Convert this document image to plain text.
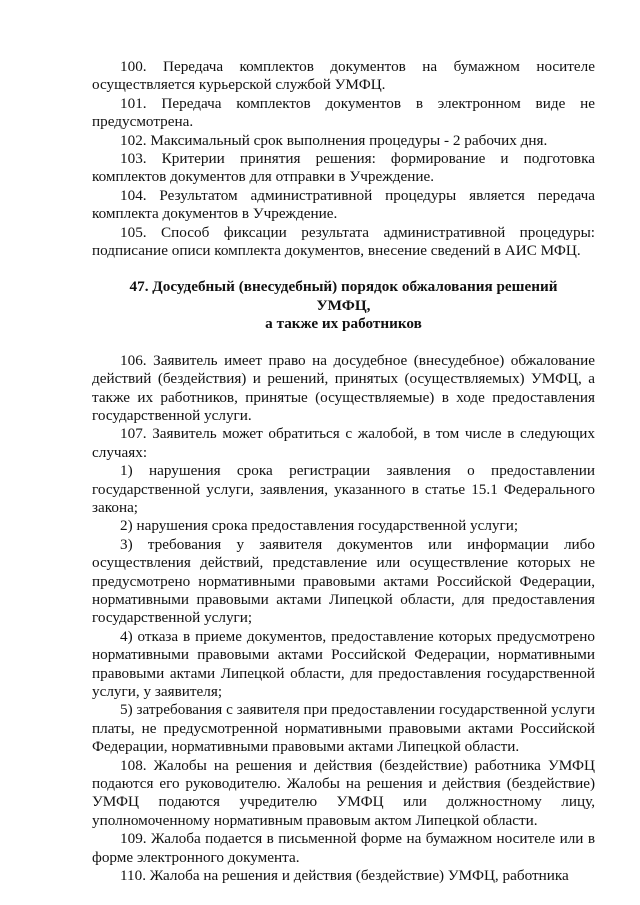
100. Передача комплектов документов на бумажном носителе осуществляется курьерской службой УМФЦ.

101. Передача комплектов документов в электронном виде не предусмотрена.

102. Максимальный срок выполнения процедуры - 2 рабочих дня.

103. Критерии принятия решения: формирование и подготовка комплектов документов для отправки в Учреждение.

104. Результатом административной процедуры является передача комплекта документов в Учреждение.

105. Способ фиксации результата административной процедуры: подписание описи комплекта документов, внесение сведений в АИС МФЦ.

47. Досудебный (внесудебный) порядок обжалования решений
УМФЦ,
а также их работников

106. Заявитель имеет право на досудебное (внесудебное) обжалование действий (бездействия) и решений, принятых (осуществляемых) УМФЦ, а также их работников, принятые (осуществляемые) в ходе предоставления государственной услуги.

107. Заявитель может обратиться с жалобой, в том числе в следующих случаях:

1) нарушения срока регистрации заявления о предоставлении государственной услуги, заявления, указанного в статье 15.1 Федерального закона;

2) нарушения срока предоставления государственной услуги;

3) требования у заявителя документов или информации либо осуществления действий, представление или осуществление которых не предусмотрено нормативными правовыми актами Российской Федерации, нормативными правовыми актами Липецкой области, для предоставления государственной услуги;

4) отказа в приеме документов, предоставление которых предусмотрено нормативными правовыми актами Российской Федерации, нормативными правовыми актами Липецкой области, для предоставления государственной услуги, у заявителя;

5) затребования с заявителя при предоставлении государственной услуги платы, не предусмотренной нормативными правовыми актами Российской Федерации, нормативными правовыми актами Липецкой области.

108. Жалобы на решения и действия (бездействие) работника УМФЦ подаются его руководителю. Жалобы на решения и действия (бездействие) УМФЦ подаются учредителю УМФЦ или должностному лицу, уполномоченному нормативным правовым актом Липецкой области.

109. Жалоба подается в письменной форме на бумажном носителе или в форме электронного документа.

110. Жалоба на решения и действия (бездействие) УМФЦ, работника
